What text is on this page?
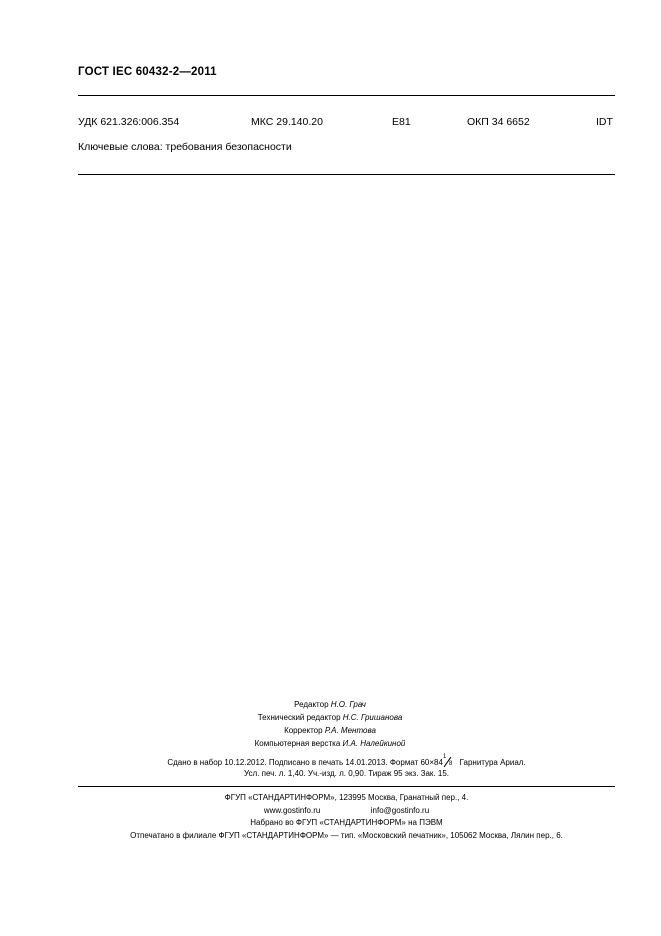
ГОСТ IEC 60432-2—2011
УДК 621.326:006.354	МКС 29.140.20	Е81	ОКП 34 6652	IDT
Ключевые слова: требования безопасности
Редактор Н.О. Грач
Технический редактор Н.С. Гришанова
Корректор Р.А. Ментова
Компьютерная верстка И.А. Налейкиной
Сдано в набор 10.12.2012. Подписано в печать 14.01.2013. Формат 60×84
1
8 Гарнитура Ариал.
Усл. печ. л. 1,40. Уч.-изд. л. 0,90. Тираж 95 экз. Зак. 15.
ФГУП «СТАНДАРТИНФОРМ», 123995 Москва, Гранатный пер., 4.
www.gostinfo.ru	info@gostinfo.ru
Набрано во ФГУП «СТАНДАРТИНФОРМ» на ПЭВМ
Отпечатано в филиале ФГУП «СТАНДАРТИНФОРМ» — тип. «Московский печатник», 105062 Москва, Лялин пер., 6.
